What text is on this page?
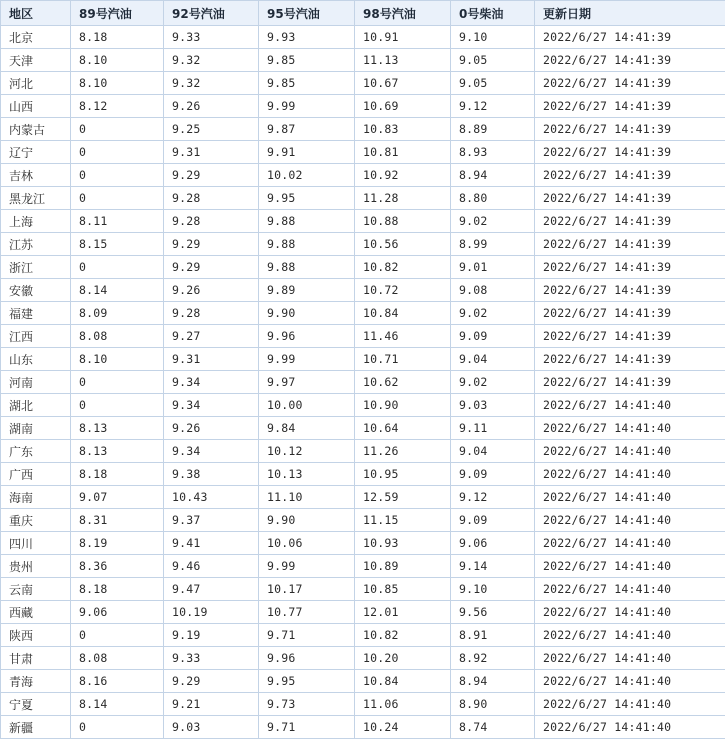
地区	89号汽油	92号汽油	95号汽油	98号汽油	0号柴油	更新日期
北京	8.18	9.33	9.93	10.91	9.10	2022/6/27 14:41:39
天津	8.10	9.32	9.85	11.13	9.05	2022/6/27 14:41:39
河北	8.10	9.32	9.85	10.67	9.05	2022/6/27 14:41:39
山西	8.12	9.26	9.99	10.69	9.12	2022/6/27 14:41:39
内蒙古	0	9.25	9.87	10.83	8.89	2022/6/27 14:41:39
辽宁	0	9.31	9.91	10.81	8.93	2022/6/27 14:41:39
吉林	0	9.29	10.02	10.92	8.94	2022/6/27 14:41:39
黑龙江	0	9.28	9.95	11.28	8.80	2022/6/27 14:41:39
上海	8.11	9.28	9.88	10.88	9.02	2022/6/27 14:41:39
江苏	8.15	9.29	9.88	10.56	8.99	2022/6/27 14:41:39
浙江	0	9.29	9.88	10.82	9.01	2022/6/27 14:41:39
安徽	8.14	9.26	9.89	10.72	9.08	2022/6/27 14:41:39
福建	8.09	9.28	9.90	10.84	9.02	2022/6/27 14:41:39
江西	8.08	9.27	9.96	11.46	9.09	2022/6/27 14:41:39
山东	8.10	9.31	9.99	10.71	9.04	2022/6/27 14:41:39
河南	0	9.34	9.97	10.62	9.02	2022/6/27 14:41:39
湖北	0	9.34	10.00	10.90	9.03	2022/6/27 14:41:40
湖南	8.13	9.26	9.84	10.64	9.11	2022/6/27 14:41:40
广东	8.13	9.34	10.12	11.26	9.04	2022/6/27 14:41:40
广西	8.18	9.38	10.13	10.95	9.09	2022/6/27 14:41:40
海南	9.07	10.43	11.10	12.59	9.12	2022/6/27 14:41:40
重庆	8.31	9.37	9.90	11.15	9.09	2022/6/27 14:41:40
四川	8.19	9.41	10.06	10.93	9.06	2022/6/27 14:41:40
贵州	8.36	9.46	9.99	10.89	9.14	2022/6/27 14:41:40
云南	8.18	9.47	10.17	10.85	9.10	2022/6/27 14:41:40
西藏	9.06	10.19	10.77	12.01	9.56	2022/6/27 14:41:40
陕西	0	9.19	9.71	10.82	8.91	2022/6/27 14:41:40
甘肃	8.08	9.33	9.96	10.20	8.92	2022/6/27 14:41:40
青海	8.16	9.29	9.95	10.84	8.94	2022/6/27 14:41:40
宁夏	8.14	9.21	9.73	11.06	8.90	2022/6/27 14:41:40
新疆	0	9.03	9.71	10.24	8.74	2022/6/27 14:41:40
